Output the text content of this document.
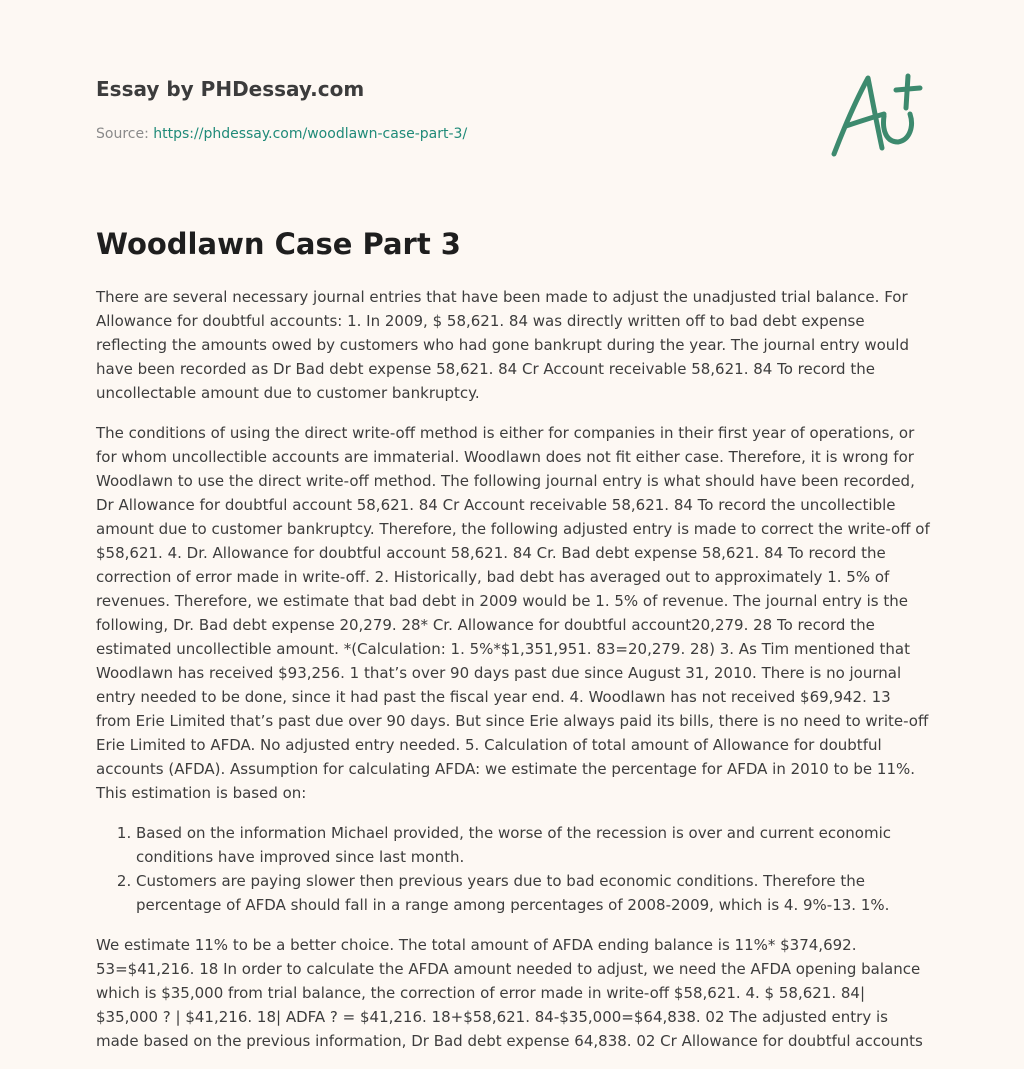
Essay by PHDessay.com
Source: https://phdessay.com/woodlawn-case-part-3/
Woodlawn Case Part 3

There are several necessary journal entries that have been made to adjust the unadjusted trial balance. For Allowance for doubtful accounts: 1. In 2009, $ 58,621. 84 was directly written off to bad debt expense reflecting the amounts owed by customers who had gone bankrupt during the year. The journal entry would have been recorded as Dr Bad debt expense 58,621. 84 Cr Account receivable 58,621. 84 To record the uncollectable amount due to customer bankruptcy.

The conditions of using the direct write-off method is either for companies in their first year of operations, or for whom uncollectible accounts are immaterial. Woodlawn does not fit either case. Therefore, it is wrong for Woodlawn to use the direct write-off method. The following journal entry is what should have been recorded, Dr Allowance for doubtful account 58,621. 84 Cr Account receivable 58,621. 84 To record the uncollectible amount due to customer bankruptcy. Therefore, the following adjusted entry is made to correct the write-off of $58,621. 4. Dr. Allowance for doubtful account 58,621. 84 Cr. Bad debt expense 58,621. 84 To record the correction of error made in write-off. 2. Historically, bad debt has averaged out to approximately 1. 5% of revenues. Therefore, we estimate that bad debt in 2009 would be 1. 5% of revenue. The journal entry is the following, Dr. Bad debt expense 20,279. 28* Cr. Allowance for doubtful account20,279. 28 To record the estimated uncollectible amount. *(Calculation: 1. 5%*$1,351,951. 83=20,279. 28) 3. As Tim mentioned that Woodlawn has received $93,256. 1 that’s over 90 days past due since August 31, 2010. There is no journal entry needed to be done, since it had past the fiscal year end. 4. Woodlawn has not received $69,942. 13 from Erie Limited that’s past due over 90 days. But since Erie always paid its bills, there is no need to write-off Erie Limited to AFDA. No adjusted entry needed. 5. Calculation of total amount of Allowance for doubtful accounts (AFDA). Assumption for calculating AFDA: we estimate the percentage for AFDA in 2010 to be 11%. This estimation is based on:

1. Based on the information Michael provided, the worse of the recession is over and current economic conditions have improved since last month.
2. Customers are paying slower then previous years due to bad economic conditions. Therefore the percentage of AFDA should fall in a range among percentages of 2008-2009, which is 4. 9%-13. 1%.

We estimate 11% to be a better choice. The total amount of AFDA ending balance is 11%* $374,692. 53=$41,216. 18 In order to calculate the AFDA amount needed to adjust, we need the AFDA opening balance which is $35,000 from trial balance, the correction of error made in write-off $58,621. 4. $ 58,621. 84| $35,000 ? | $41,216. 18| ADFA ? = $41,216. 18+$58,621. 84-$35,000=$64,838. 02 The adjusted entry is made based on the previous information, Dr Bad debt expense 64,838. 02 Cr Allowance for doubtful accounts
